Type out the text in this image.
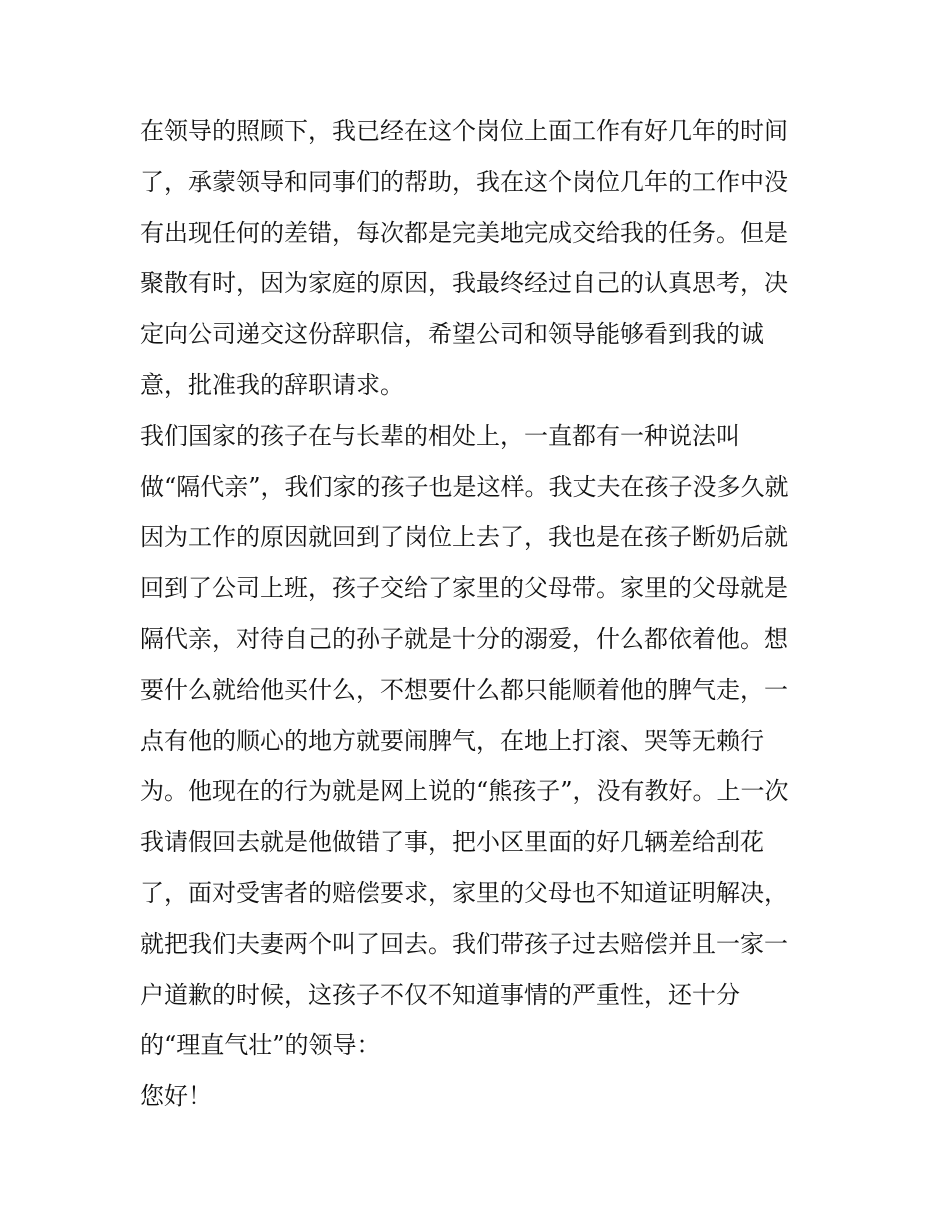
在领导的照顾下，我已经在这个岗位上面工作有好几年的时间
了，承蒙领导和同事们的帮助，我在这个岗位几年的工作中没
有出现任何的差错，每次都是完美地完成交给我的任务。但是
聚散有时，因为家庭的原因，我最终经过自己的认真思考，决
定向公司递交这份辞职信，希望公司和领导能够看到我的诚
意，批准我的辞职请求。
我们国家的孩子在与长辈的相处上，一直都有一种说法叫
做“隔代亲”，我们家的孩子也是这样。我丈夫在孩子没多久就
因为工作的原因就回到了岗位上去了，我也是在孩子断奶后就
回到了公司上班，孩子交给了家里的父母带。家里的父母就是
隔代亲，对待自己的孙子就是十分的溺爱，什么都依着他。想
要什么就给他买什么，不想要什么都只能顺着他的脾气走，一
点有他的顺心的地方就要闹脾气，在地上打滚、哭等无赖行
为。他现在的行为就是网上说的“熊孩子”，没有教好。上一次
我请假回去就是他做错了事，把小区里面的好几辆差给刮花
了，面对受害者的赔偿要求，家里的父母也不知道证明解决，
就把我们夫妻两个叫了回去。我们带孩子过去赔偿并且一家一
户道歉的时候，这孩子不仅不知道事情的严重性，还十分
的“理直气壮”的领导：
您好！
